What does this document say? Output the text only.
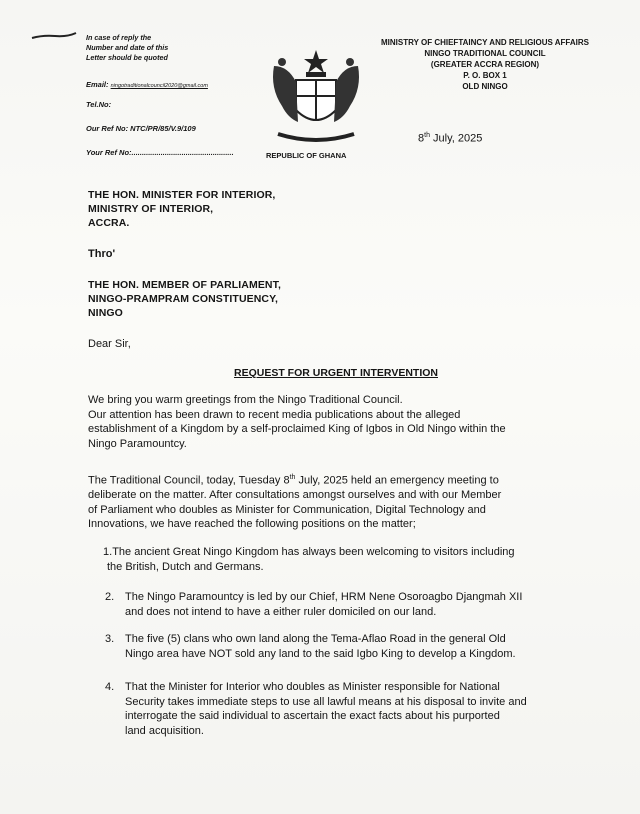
In case of reply the
Number and date of this
Letter should be quoted
Email: ningotraditionalcouncil2020@gmail.com
Tel.No:
Our Ref No: NTC/PR/85/V.9/109
Your Ref No:.................................................	REPUBLIC OF GHANA
MINISTRY OF CHIEFTAINCY AND RELIGIOUS AFFAIRS
NINGO TRADITIONAL COUNCIL
(GREATER ACCRA REGION)
P. O. BOX 1
OLD NINGO
8th July, 2025
THE HON. MINISTER FOR INTERIOR,
MINISTRY OF INTERIOR,
ACCRA.
Thro'
THE HON. MEMBER OF PARLIAMENT,
NINGO-PRAMPRAM CONSTITUENCY,
NINGO
Dear Sir,
REQUEST FOR URGENT INTERVENTION
We bring you warm greetings from the Ningo Traditional Council.
Our attention has been drawn to recent media publications about the alleged
establishment of a Kingdom by a self-proclaimed King of Igbos in Old Ningo within the
Ningo Paramountcy.
The Traditional Council, today, Tuesday 8th July, 2025 held an emergency meeting to
deliberate on the matter. After consultations amongst ourselves and with our Member
of Parliament who doubles as Minister for Communication, Digital Technology and
Innovations, we have reached the following positions on the matter;
1.The ancient Great Ningo Kingdom has always been welcoming to visitors including
the British, Dutch and Germans.
2. The Ningo Paramountcy is led by our Chief, HRM Nene Osoroagbo Djangmah XII
and does not intend to have a either ruler domiciled on our land.
3. The five (5) clans who own land along the Tema-Aflao Road in the general Old
Ningo area have NOT sold any land to the said Igbo King to develop a Kingdom.
4. That the Minister for Interior who doubles as Minister responsible for National
Security takes immediate steps to use all lawful means at his disposal to invite and
interrogate the said individual to ascertain the exact facts about his purported
land acquisition.
